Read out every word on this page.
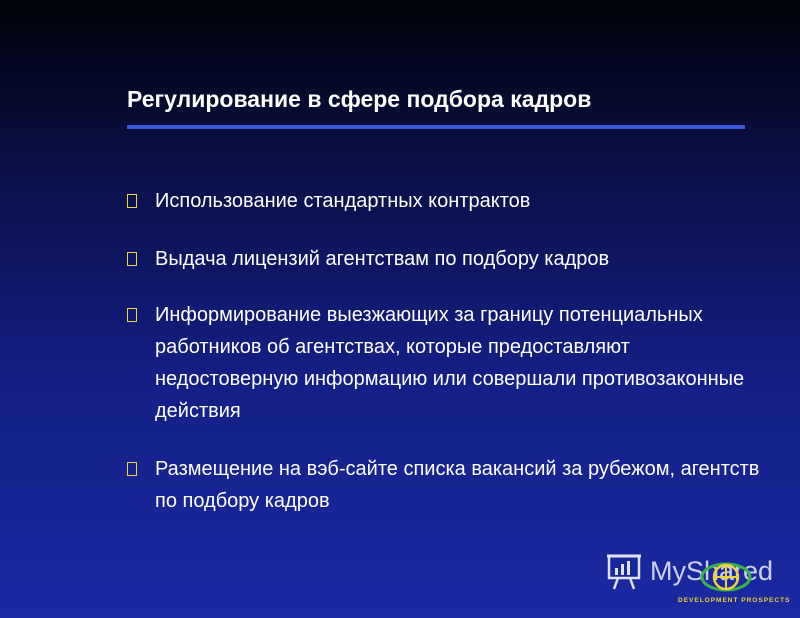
Регулирование в сфере подбора кадров
Использование стандартных контрактов
Выдача лицензий агентствам по подбору кадров
Информирование выезжающих за границу потенциальных работников об агентствах, которые предоставляют недостоверную информацию или совершали противозаконные действия
Размещение на вэб-сайте списка вакансий за рубежом, агентств по подбору кадров
MyShared
DEVELOPMENT PROSPECTS
